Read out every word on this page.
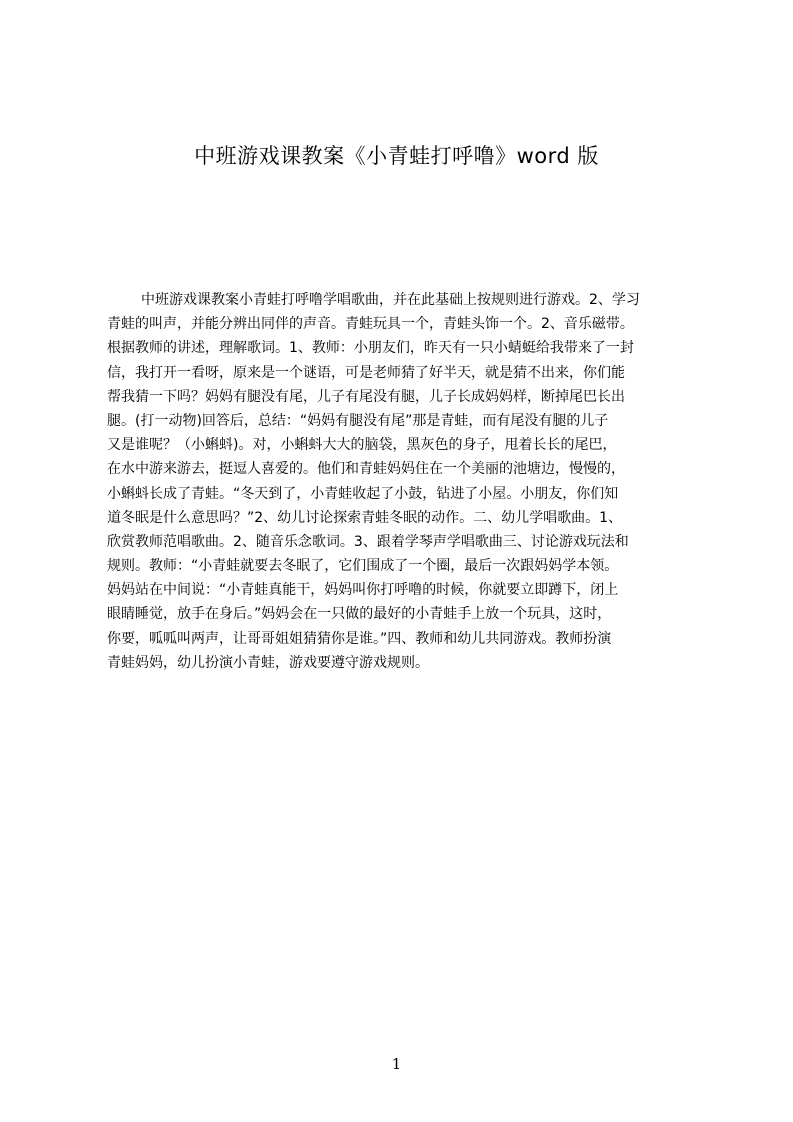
中班游戏课教案《小青蛙打呼噜》word 版
中班游戏课教案小青蛙打呼噜学唱歌曲，并在此基础上按规则进行游戏。2、学习
青蛙的叫声，并能分辨出同伴的声音。青蛙玩具一个，青蛙头饰一个。2、音乐磁带。
根据教师的讲述，理解歌词。1、教师：小朋友们，昨天有一只小蜻蜓给我带来了一封
信，我打开一看呀，原来是一个谜语，可是老师猜了好半天，就是猜不出来，你们能
帮我猜一下吗？妈妈有腿没有尾，儿子有尾没有腿，儿子长成妈妈样，断掉尾巴长出
腿。(打一动物)回答后，总结：“妈妈有腿没有尾”那是青蛙，而有尾没有腿的儿子
又是谁呢？（小蝌蚪)。对，小蝌蚪大大的脑袋，黑灰色的身子，甩着长长的尾巴，
在水中游来游去，挺逗人喜爱的。他们和青蛙妈妈住在一个美丽的池塘边，慢慢的，
小蝌蚪长成了青蛙。“冬天到了，小青蛙收起了小鼓，钻进了小屋。小朋友，你们知
道冬眠是什么意思吗？”2、幼儿讨论探索青蛙冬眠的动作。二、幼儿学唱歌曲。1、
欣赏教师范唱歌曲。2、随音乐念歌词。3、跟着学琴声学唱歌曲三、讨论游戏玩法和
规则。教师：“小青蛙就要去冬眠了，它们围成了一个圈，最后一次跟妈妈学本领。
妈妈站在中间说：“小青蛙真能干，妈妈叫你打呼噜的时候，你就要立即蹲下，闭上
眼睛睡觉，放手在身后。”妈妈会在一只做的最好的小青蛙手上放一个玩具，这时，
你要，呱呱叫两声，让哥哥姐姐猜猜你是谁。”四、教师和幼儿共同游戏。教师扮演
青蛙妈妈，幼儿扮演小青蛙，游戏要遵守游戏规则。
1
